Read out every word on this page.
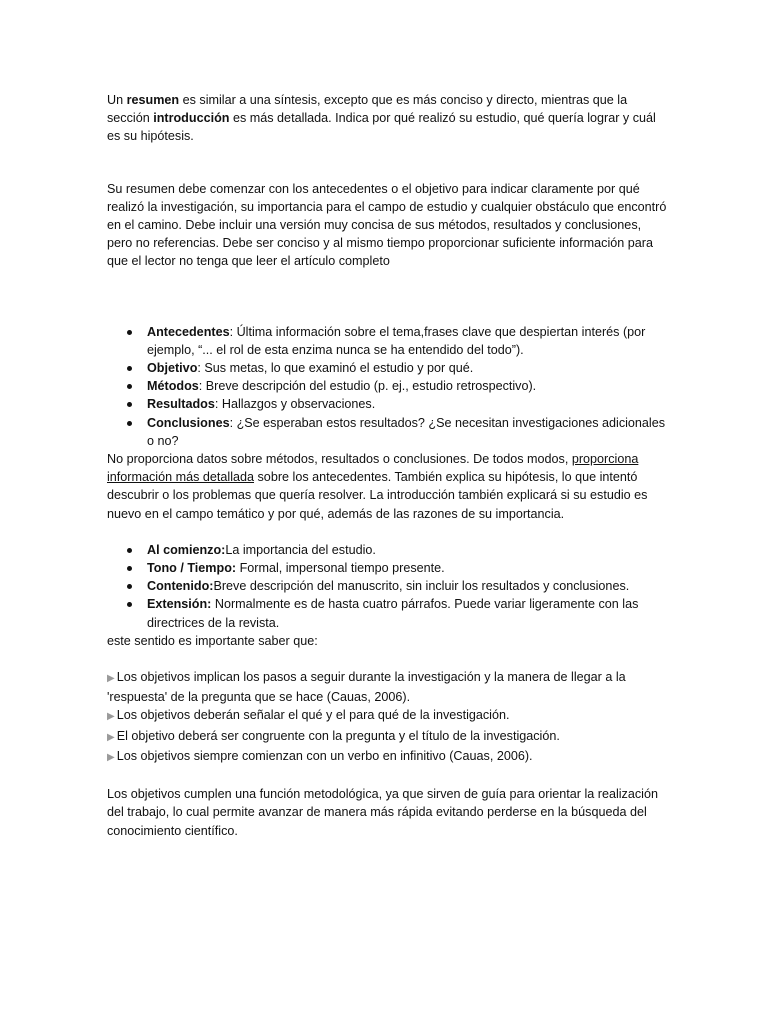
Un resumen es similar a una síntesis, excepto que es más conciso y directo, mientras que la sección introducción es más detallada. Indica por qué realizó su estudio, qué quería lograr y cuál es su hipótesis.

Su resumen debe comenzar con los antecedentes o el objetivo para indicar claramente por qué realizó la investigación, su importancia para el campo de estudio y cualquier obstáculo que encontró en el camino. Debe incluir una versión muy concisa de sus métodos, resultados y conclusiones, pero no referencias. Debe ser conciso y al mismo tiempo proporcionar suficiente información para que el lector no tenga que leer el artículo completo

Antecedentes: Última información sobre el tema,frases clave que despiertan interés (por ejemplo, “... el rol de esta enzima nunca se ha entendido del todo”).
Objetivo: Sus metas, lo que examinó el estudio y por qué.
Métodos: Breve descripción del estudio (p. ej., estudio retrospectivo).
Resultados: Hallazgos y observaciones.
Conclusiones: ¿Se esperaban estos resultados? ¿Se necesitan investigaciones adicionales o no?

No proporciona datos sobre métodos, resultados o conclusiones. De todos modos, proporciona información más detallada sobre los antecedentes. También explica su hipótesis, lo que intentó descubrir o los problemas que quería resolver. La introducción también explicará si su estudio es nuevo en el campo temático y por qué, además de las razones de su importancia.

Al comienzo:La importancia del estudio.
Tono / Tiempo: Formal, impersonal tiempo presente.
Contenido:Breve descripción del manuscrito, sin incluir los resultados y conclusiones.
Extensión: Normalmente es de hasta cuatro párrafos. Puede variar ligeramente con las directrices de la revista.

este sentido es importante saber que:

▶ Los objetivos implican los pasos a seguir durante la investigación y la manera de llegar a la 'respuesta' de la pregunta que se hace (Cauas, 2006).
▶ Los objetivos deberán señalar el qué y el para qué de la investigación.
▶ El objetivo deberá ser congruente con la pregunta y el título de la investigación.
▶ Los objetivos siempre comienzan con un verbo en infinitivo (Cauas, 2006).

Los objetivos cumplen una función metodológica, ya que sirven de guía para orientar la realización del trabajo, lo cual permite avanzar de manera más rápida evitando perderse en la búsqueda del conocimiento científico.
